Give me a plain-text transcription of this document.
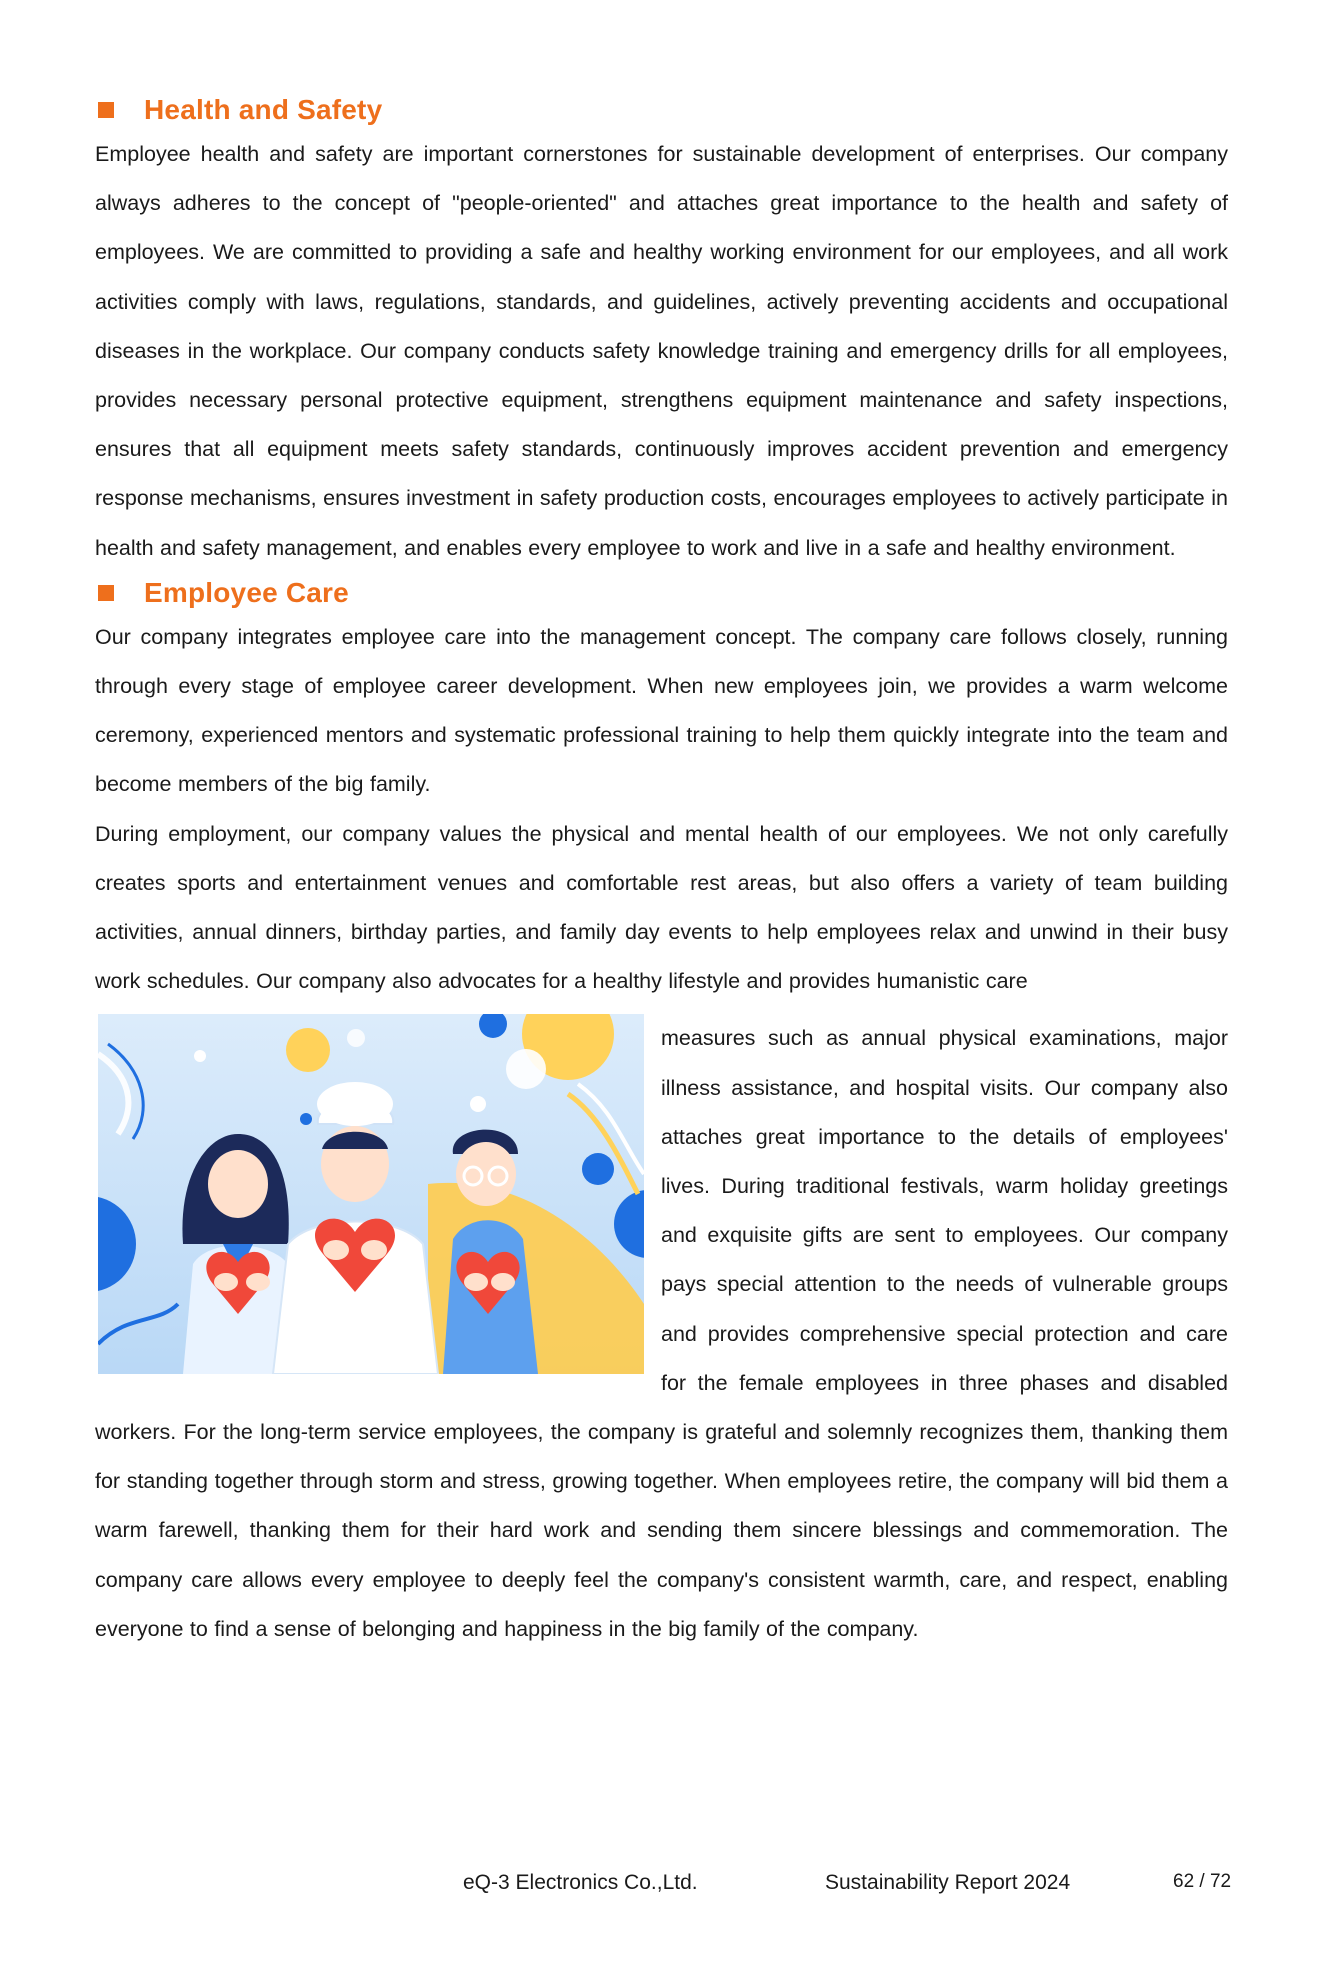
Health and Safety

Employee health and safety are important cornerstones for sustainable development of enterprises. Our company always adheres to the concept of "people-oriented" and attaches great importance to the health and safety of employees. We are committed to providing a safe and healthy working environment for our employees, and all work activities comply with laws, regulations, standards, and guidelines, actively preventing accidents and occupational diseases in the workplace. Our company conducts safety knowledge training and emergency drills for all employees, provides necessary personal protective equipment, strengthens equipment maintenance and safety inspections, ensures that all equipment meets safety standards, continuously improves accident prevention and emergency response mechanisms, ensures investment in safety production costs, encourages employees to actively participate in health and safety management, and enables every employee to work and live in a safe and healthy environment.

Employee Care

Our company integrates employee care into the management concept. The company care follows closely, running through every stage of employee career development. When new employees join, we provides a warm welcome ceremony, experienced mentors and systematic professional training to help them quickly integrate into the team and become members of the big family.

During employment, our company values the physical and mental health of our employees. We not only carefully creates sports and entertainment venues and comfortable rest areas, but also offers a variety of team building activities, annual dinners, birthday parties, and family day events to help employees relax and unwind in their busy work schedules. Our company also advocates for a healthy lifestyle and provides humanistic care

measures such as annual physical examinations, major illness assistance, and hospital visits. Our company also attaches great importance to the details of employees' lives. During traditional festivals, warm holiday greetings and exquisite gifts are sent to employees. Our company pays special attention to the needs of vulnerable groups and provides comprehensive special protection and care for the female employees in three phases and disabled workers. For the long-term service employees, the company is grateful and solemnly recognizes them, thanking them for standing together through storm and stress, growing together. When employees retire, the company will bid them a warm farewell, thanking them for their hard work and sending them sincere blessings and commemoration. The company care allows every employee to deeply feel the company's consistent warmth, care, and respect, enabling everyone to find a sense of belonging and happiness in the big family of the company.

eQ-3 Electronics Co.,Ltd.	Sustainability Report 2024	62 / 72
